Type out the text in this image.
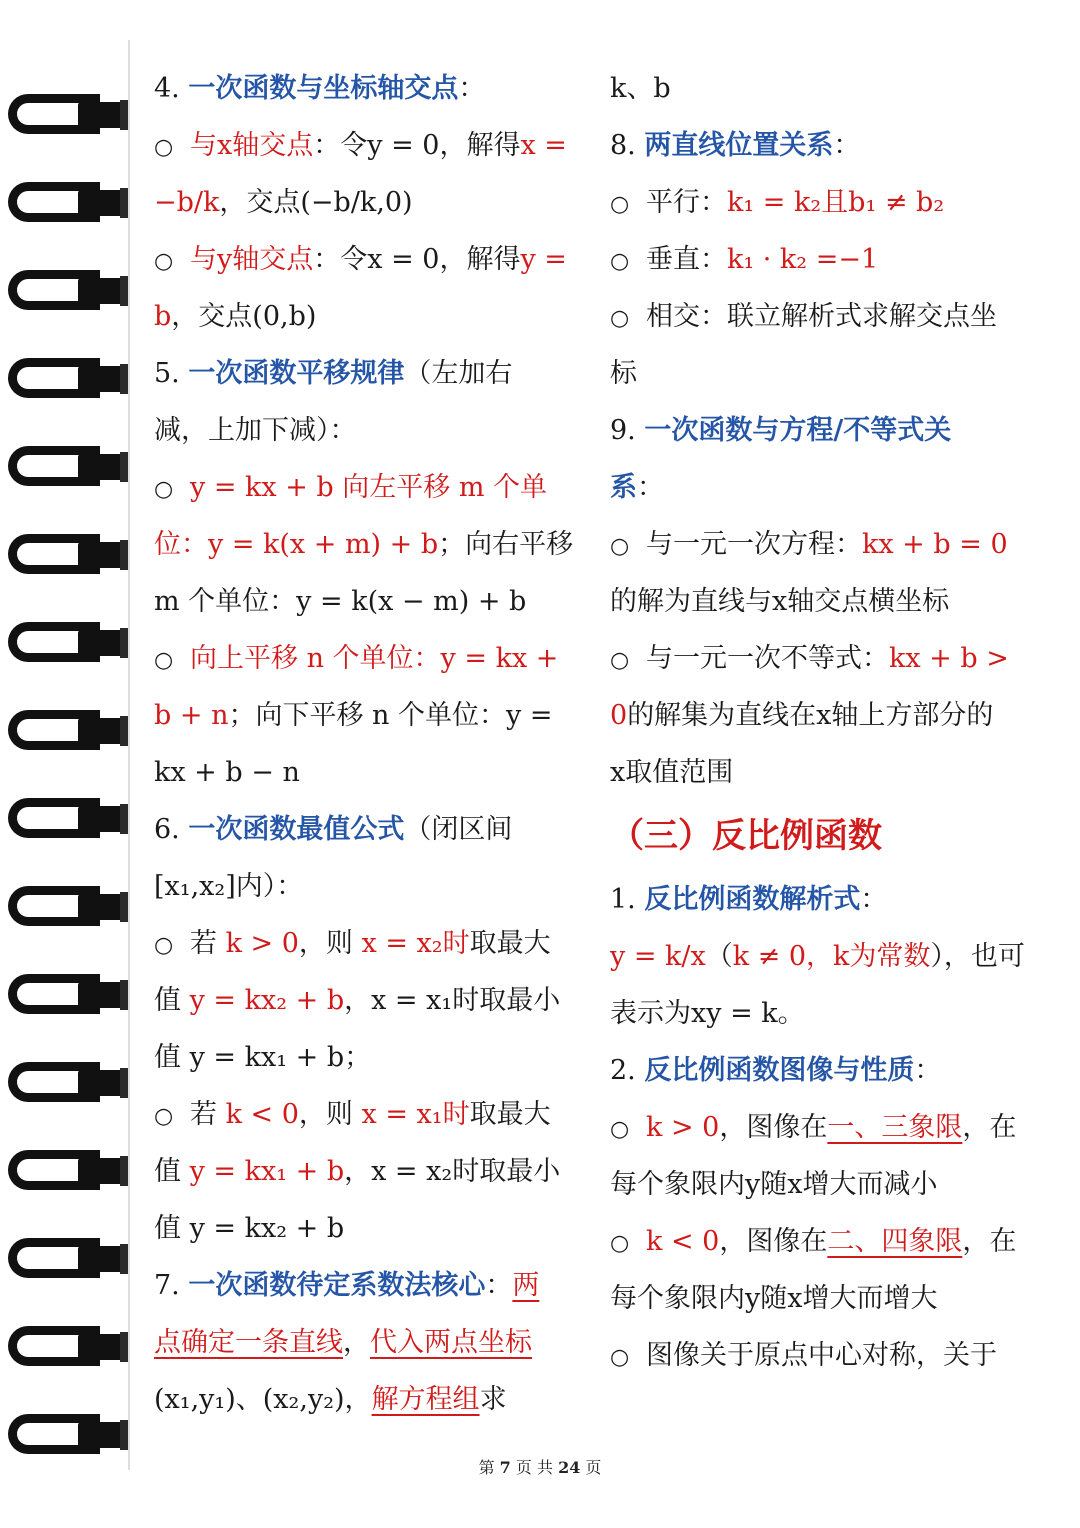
4. 一次函数与坐标轴交点：
○ 与x轴交点：令y = 0，解得x =
−b/k，交点(−b/k,0)
○ 与y轴交点：令x = 0，解得y =
b，交点(0,b)
5. 一次函数平移规律（左加右
减，上加下减）：
○ y = kx + b 向左平移 m 个单
位：y = k(x + m) + b；向右平移
m 个单位：y = k(x − m) + b
○ 向上平移 n 个单位：y = kx +
b + n；向下平移 n 个单位：y =
kx + b − n
6. 一次函数最值公式（闭区间
[x₁,x₂]内）：
○ 若 k > 0，则 x = x₂时取最大
值 y = kx₂ + b，x = x₁时取最小
值 y = kx₁ + b；
○ 若 k < 0，则 x = x₁时取最大
值 y = kx₁ + b，x = x₂时取最小
值 y = kx₂ + b
7. 一次函数待定系数法核心：两
点确定一条直线，代入两点坐标
(x₁,y₁)、(x₂,y₂)，解方程组求
k、b
8. 两直线位置关系：
○ 平行：k₁ = k₂且b₁ ≠ b₂
○ 垂直：k₁ · k₂ =−1
○ 相交：联立解析式求解交点坐
标
9. 一次函数与方程/不等式关
系：
○ 与一元一次方程：kx + b = 0
的解为直线与x轴交点横坐标
○ 与一元一次不等式：kx + b >
0的解集为直线在x轴上方部分的
x取值范围
（三）反比例函数
1. 反比例函数解析式：
y = k/x（k ≠ 0，k为常数），也可
表示为xy = k。
2. 反比例函数图像与性质：
○ k > 0，图像在一、三象限，在
每个象限内y随x增大而减小
○ k < 0，图像在二、四象限，在
每个象限内y随x增大而增大
○ 图像关于原点中心对称，关于
第 7 页 共 24 页
